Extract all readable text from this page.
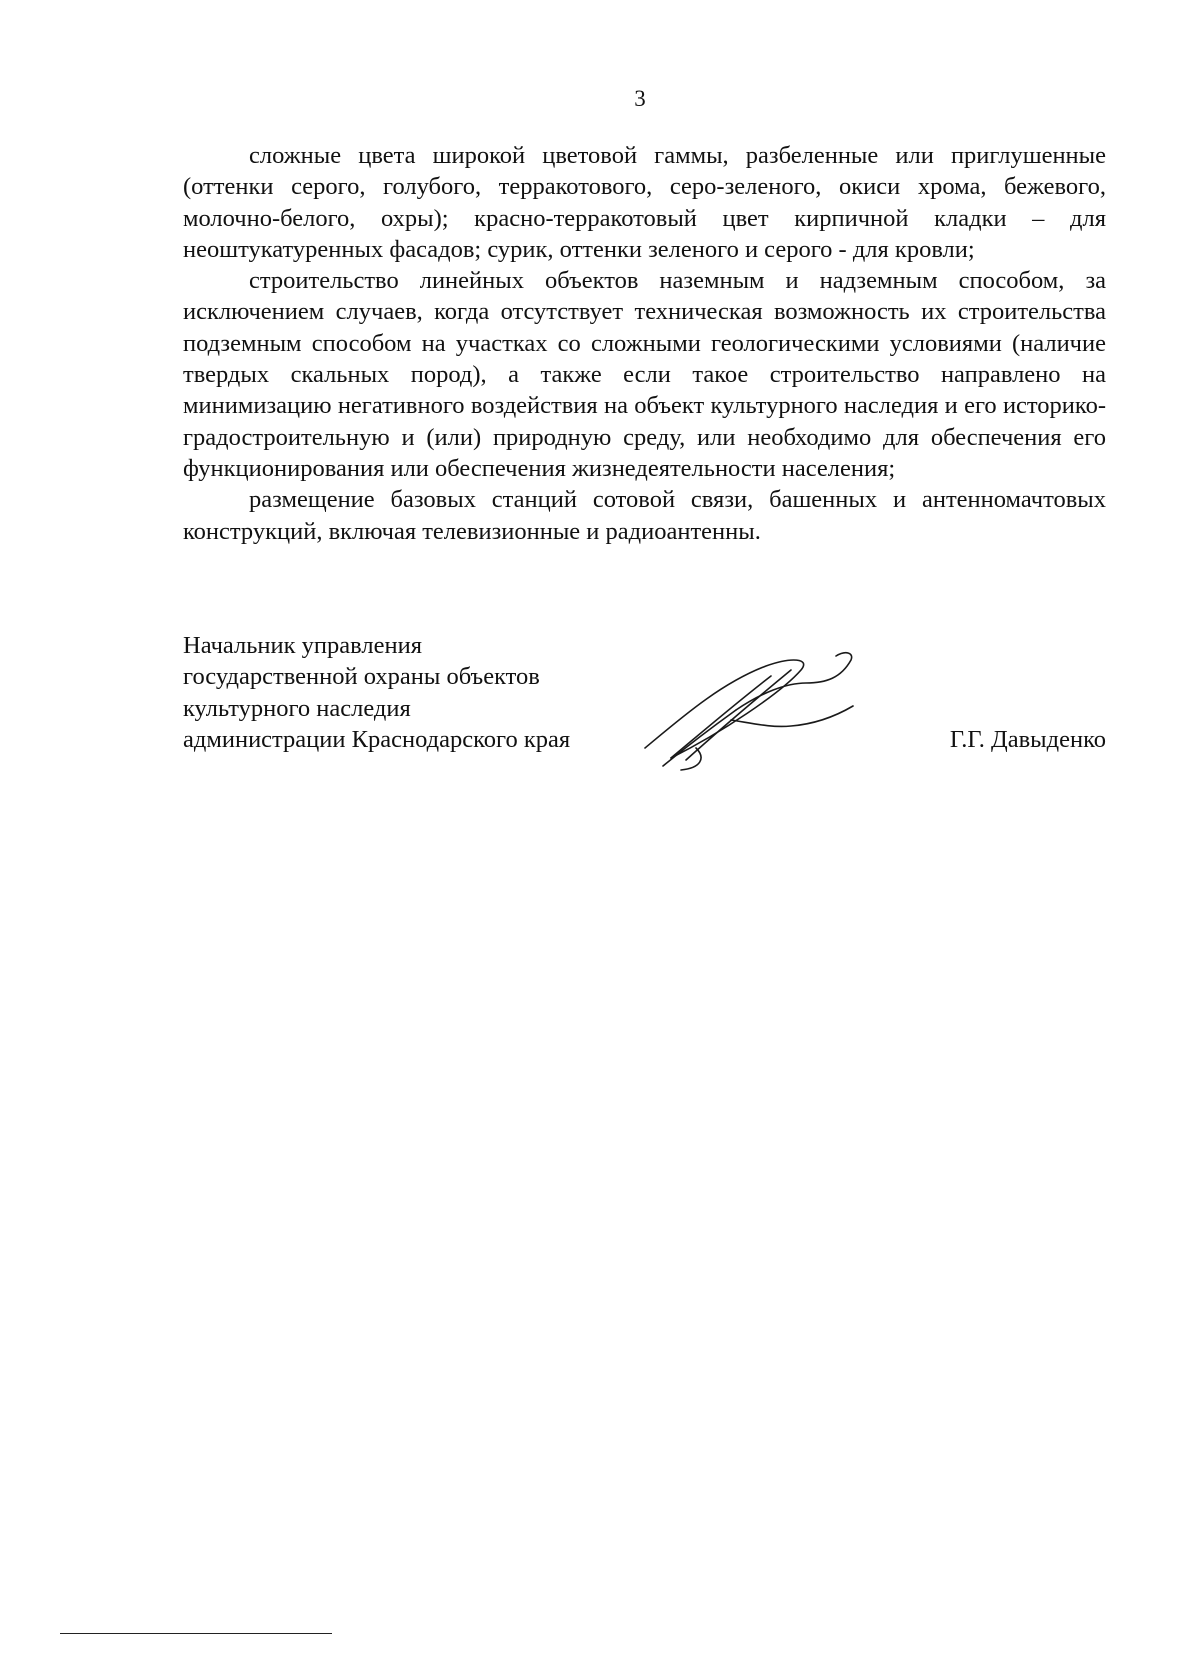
3

сложные цвета широкой цветовой гаммы, разбеленные или приглушенные (оттенки серого, голубого, терракотового, серо-зеленого, окиси хрома, бежевого, молочно-белого, охры); красно-терракотовый цвет кирпичной кладки – для неоштукатуренных фасадов; сурик, оттенки зеленого и серого - для кровли;

строительство линейных объектов наземным и надземным способом, за исключением случаев, когда отсутствует техническая возможность их строительства подземным способом на участках со сложными геологическими условиями (наличие твердых скальных пород), а также если такое строительство направлено на минимизацию негативного воздействия на объект культурного наследия и его историко-градостроительную и (или) природную среду, или необходимо для обеспечения его функционирования или обеспечения жизнедеятельности населения;

размещение базовых станций сотовой связи, башенных и антенномачтовых конструкций, включая телевизионные и радиоантенны.

Начальник управления
государственной охраны объектов
культурного наследия
администрации Краснодарского края	Г.Г. Давыденко
